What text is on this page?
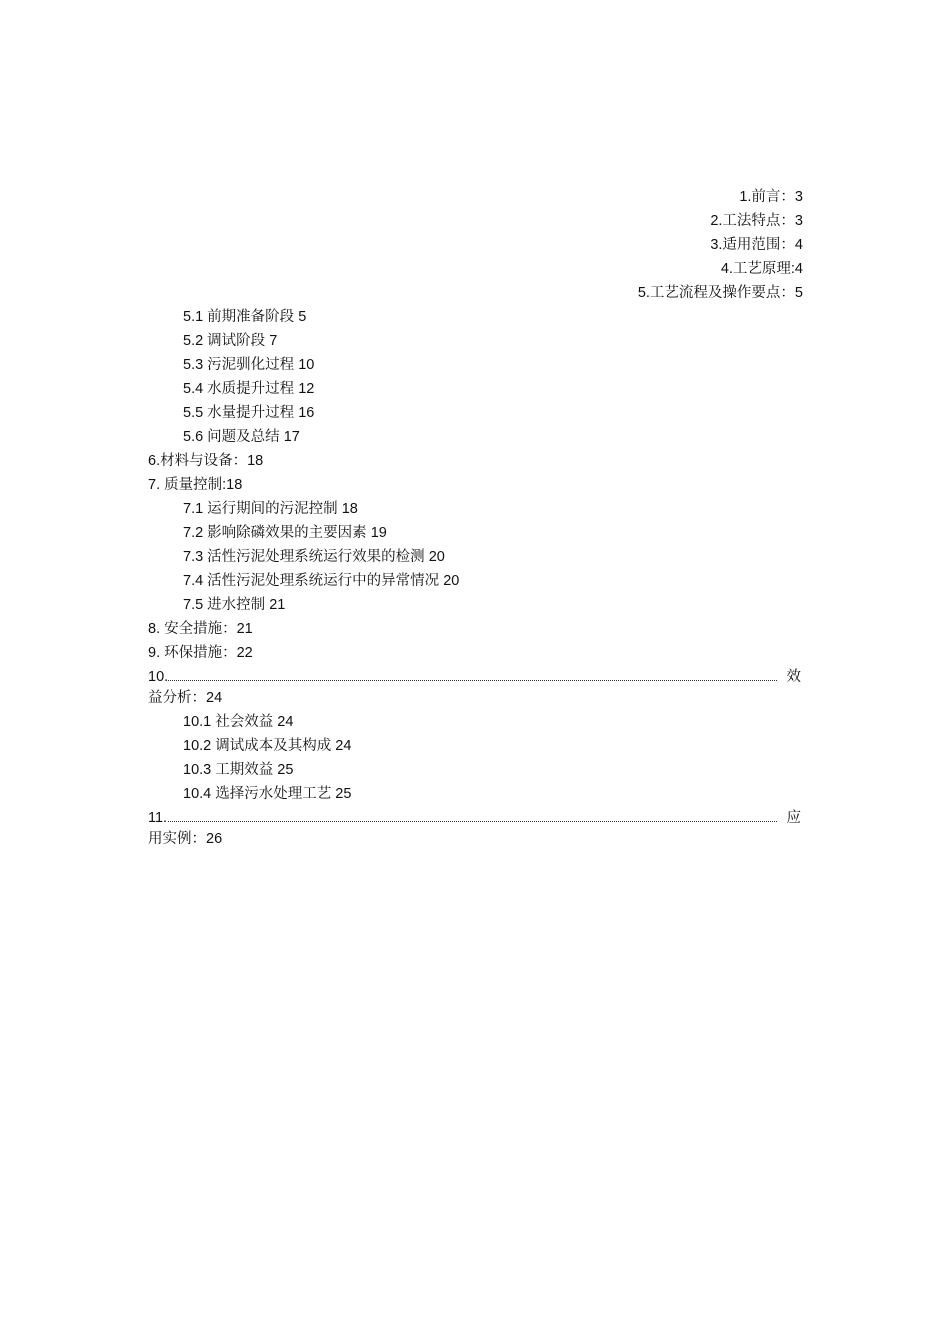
1.前言：3
2.工法特点：3
3.适用范围：4
4.工艺原理:4
5.工艺流程及操作要点：5
5.1 前期准备阶段 5
5.2 调试阶段 7
5.3 污泥驯化过程 10
5.4 水质提升过程 12
5.5 水量提升过程 16
5.6 问题及总结 17
6.材料与设备：18
7. 质量控制:18
7.1 运行期间的污泥控制 18
7.2 影响除磷效果的主要因素 19
7.3 活性污泥处理系统运行效果的检测 20
7.4 活性污泥处理系统运行中的异常情况 20
7.5 进水控制 21
8. 安全措施：21
9. 环保措施：22
10.	效
益分析：24
10.1 社会效益 24
10.2 调试成本及其构成 24
10.3 工期效益 25
10.4 选择污水处理工艺 25
11.	应
用实例：26
